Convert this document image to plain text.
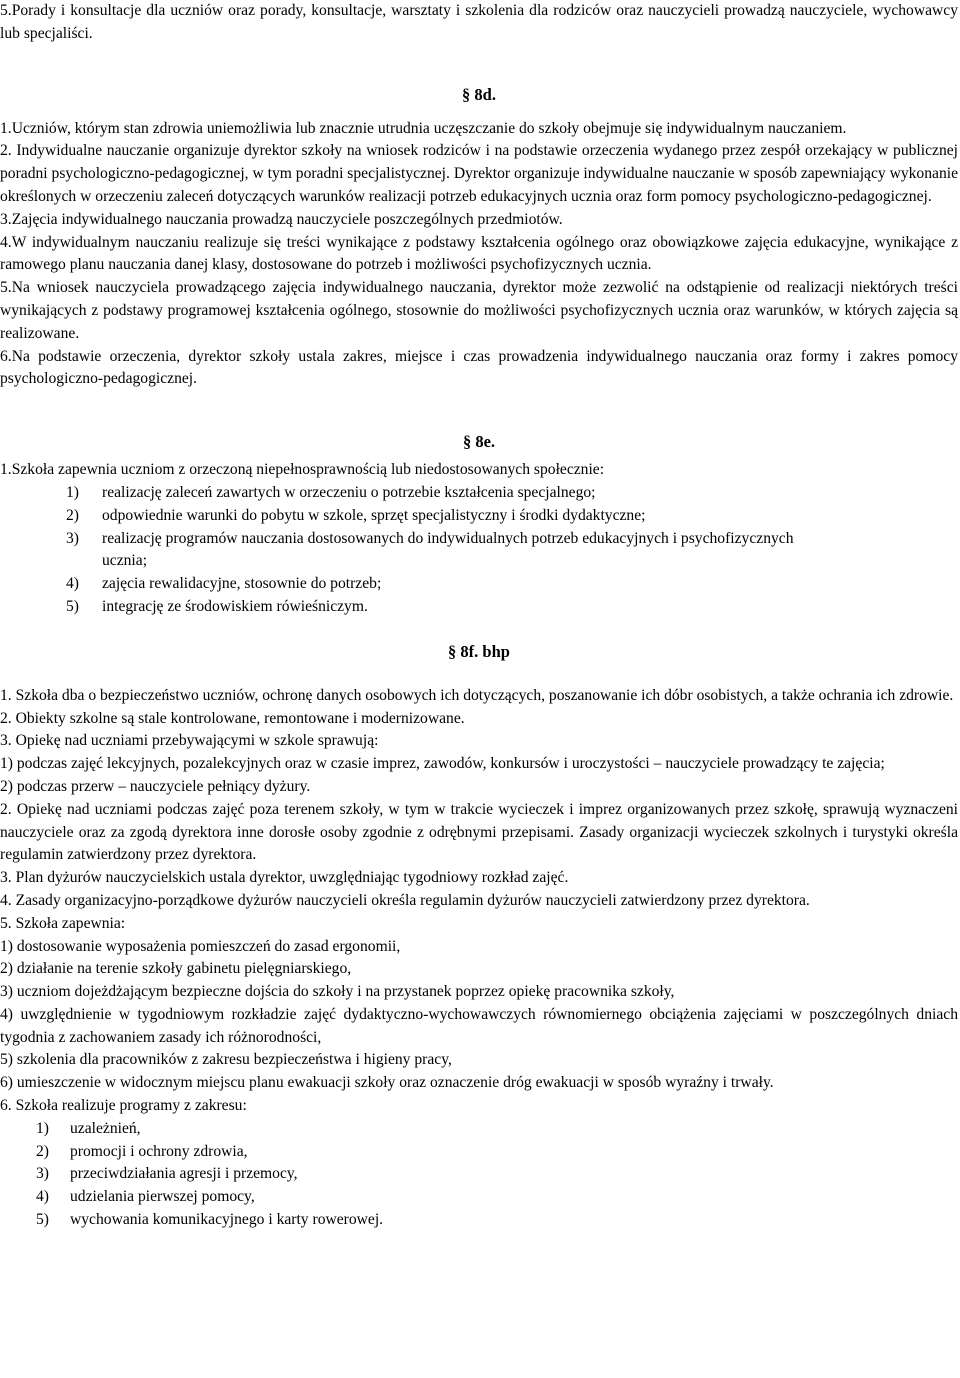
5.Porady i konsultacje dla uczniów oraz porady, konsultacje, warsztaty i szkolenia dla rodziców oraz nauczycieli prowadzą nauczyciele, wychowawcy lub specjaliści.

§ 8d.

1.Uczniów, którym stan zdrowia uniemożliwia lub znacznie utrudnia uczęszczanie do szkoły obejmuje się indywidualnym nauczaniem.

2. Indywidualne nauczanie organizuje dyrektor szkoły na wniosek rodziców i na podstawie orzeczenia wydanego przez zespół orzekający w publicznej poradni psychologiczno-pedagogicznej, w tym poradni specjalistycznej. Dyrektor organizuje indywidualne nauczanie w sposób zapewniający wykonanie określonych w orzeczeniu zaleceń dotyczących warunków realizacji potrzeb edukacyjnych ucznia oraz form pomocy psychologiczno-pedagogicznej.

3.Zajęcia indywidualnego nauczania prowadzą nauczyciele poszczególnych przedmiotów.

4.W indywidualnym nauczaniu realizuje się treści wynikające z podstawy kształcenia ogólnego oraz obowiązkowe zajęcia edukacyjne, wynikające z ramowego planu nauczania danej klasy, dostosowane do potrzeb i możliwości psychofizycznych ucznia.

5.Na wniosek nauczyciela prowadzącego zajęcia indywidualnego nauczania, dyrektor może zezwolić na odstąpienie od realizacji niektórych treści wynikających z podstawy programowej kształcenia ogólnego, stosownie do możliwości psychofizycznych ucznia oraz warunków, w których zajęcia są realizowane.

6.Na podstawie orzeczenia, dyrektor szkoły ustala zakres, miejsce i czas prowadzenia indywidualnego nauczania oraz formy i zakres pomocy psychologiczno-pedagogicznej.

§ 8e.

1.Szkoła zapewnia uczniom z orzeczoną niepełnosprawnością lub niedostosowanych społecznie:

1)	realizację zaleceń zawartych w orzeczeniu o potrzebie kształcenia specjalnego;
2)	odpowiednie warunki do pobytu w szkole, sprzęt specjalistyczny i środki dydaktyczne;
3)	realizację programów nauczania dostosowanych do indywidualnych potrzeb edukacyjnych i psychofizycznych ucznia;
4)	zajęcia rewalidacyjne, stosownie do potrzeb;
5)	integrację ze środowiskiem rówieśniczym.
§ 8f. bhp

1. Szkoła dba o bezpieczeństwo uczniów, ochronę danych osobowych ich dotyczących, poszanowanie ich dóbr osobistych, a także ochrania ich zdrowie.

2. Obiekty szkolne są stale kontrolowane, remontowane i modernizowane.

3. Opiekę nad uczniami przebywającymi w szkole sprawują:

1) podczas zajęć lekcyjnych, pozalekcyjnych oraz w czasie imprez, zawodów, konkursów i uroczystości – nauczyciele prowadzący te zajęcia;

2) podczas przerw – nauczyciele pełniący dyżury.

2. Opiekę nad uczniami podczas zajęć poza terenem szkoły, w tym w trakcie wycieczek i imprez organizowanych przez szkołę, sprawują wyznaczeni nauczyciele oraz za zgodą dyrektora inne dorosłe osoby zgodnie z odrębnymi przepisami. Zasady organizacji wycieczek szkolnych i turystyki określa regulamin zatwierdzony przez dyrektora.

3. Plan dyżurów nauczycielskich ustala dyrektor, uwzględniając tygodniowy rozkład zajęć.

4. Zasady organizacyjno-porządkowe dyżurów nauczycieli określa regulamin dyżurów nauczycieli zatwierdzony przez dyrektora.

5. Szkoła zapewnia:

1) dostosowanie wyposażenia pomieszczeń do zasad ergonomii,

2) działanie na terenie szkoły gabinetu pielęgniarskiego,

3) uczniom dojeżdżającym bezpieczne dojścia do szkoły i na przystanek poprzez opiekę pracownika szkoły,

4) uwzględnienie w tygodniowym rozkładzie zajęć dydaktyczno-wychowawczych równomiernego obciążenia zajęciami w poszczególnych dniach tygodnia z zachowaniem zasady ich różnorodności,

5) szkolenia dla pracowników z zakresu bezpieczeństwa i higieny pracy,

6) umieszczenie w widocznym miejscu planu ewakuacji szkoły oraz oznaczenie dróg ewakuacji w sposób wyraźny i trwały.

6. Szkoła realizuje programy z zakresu:

1)	uzależnień,
2)	promocji i ochrony zdrowia,
3)	przeciwdziałania agresji i przemocy,
4)	udzielania pierwszej pomocy,
5)	wychowania komunikacyjnego i karty rowerowej.
